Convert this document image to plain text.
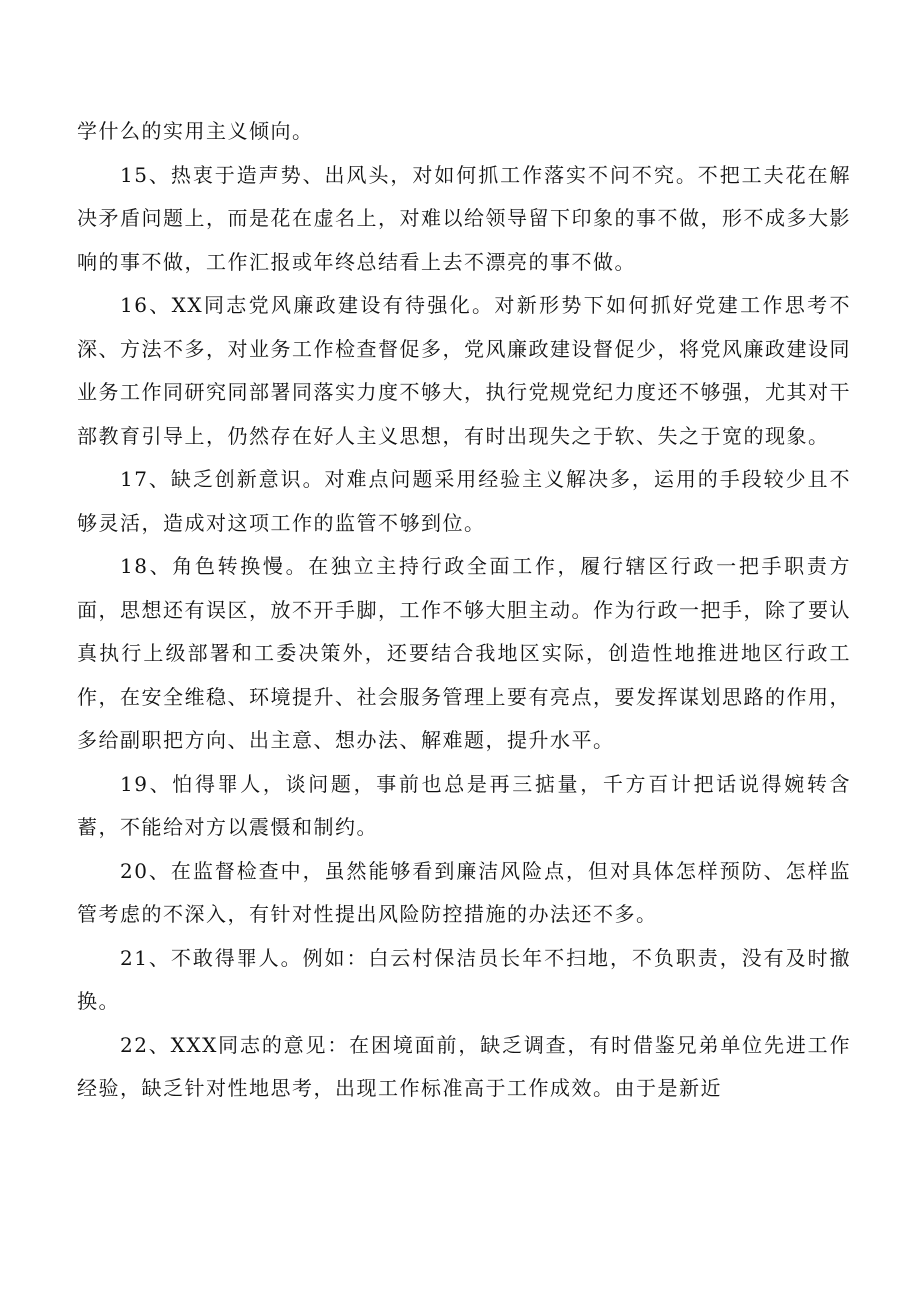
学什么的实用主义倾向。

15、热衷于造声势、出风头，对如何抓工作落实不问不究。不把工夫花在解决矛盾问题上，而是花在虚名上，对难以给领导留下印象的事不做，形不成多大影响的事不做，工作汇报或年终总结看上去不漂亮的事不做。

16、XX同志党风廉政建设有待强化。对新形势下如何抓好党建工作思考不深、方法不多，对业务工作检查督促多，党风廉政建设督促少，将党风廉政建设同业务工作同研究同部署同落实力度不够大，执行党规党纪力度还不够强，尤其对干部教育引导上，仍然存在好人主义思想，有时出现失之于软、失之于宽的现象。

17、缺乏创新意识。对难点问题采用经验主义解决多，运用的手段较少且不够灵活，造成对这项工作的监管不够到位。

18、角色转换慢。在独立主持行政全面工作，履行辖区行政一把手职责方面，思想还有误区，放不开手脚，工作不够大胆主动。作为行政一把手，除了要认真执行上级部署和工委决策外，还要结合我地区实际，创造性地推进地区行政工作，在安全维稳、环境提升、社会服务管理上要有亮点，要发挥谋划思路的作用，多给副职把方向、出主意、想办法、解难题，提升水平。

19、怕得罪人，谈问题，事前也总是再三掂量，千方百计把话说得婉转含蓄，不能给对方以震慑和制约。

20、在监督检查中，虽然能够看到廉洁风险点，但对具体怎样预防、怎样监管考虑的不深入，有针对性提出风险防控措施的办法还不多。

21、不敢得罪人。例如：白云村保洁员长年不扫地，不负职责，没有及时撤换。

22、XXX同志的意见：在困境面前，缺乏调查，有时借鉴兄弟单位先进工作经验，缺乏针对性地思考，出现工作标准高于工作成效。由于是新近
